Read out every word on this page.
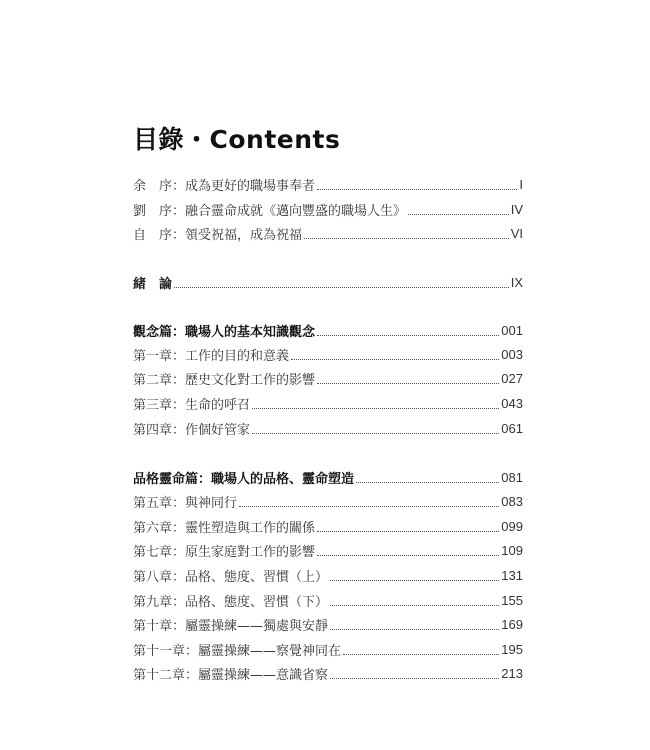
目錄・Contents
余　序：成為更好的職場事奉者	I
劉　序：融合靈命成就《邁向豐盛的職場人生》	IV
自　序：領受祝福，成為祝福	VI
緒　論	IX
觀念篇：職場人的基本知識觀念	001
第一章：工作的目的和意義	003
第二章：歷史文化對工作的影響	027
第三章：生命的呼召	043
第四章：作個好管家	061
品格靈命篇：職場人的品格、靈命塑造	081
第五章：與神同行	083
第六章：靈性塑造與工作的關係	099
第七章：原生家庭對工作的影響	109
第八章：品格、態度、習慣（上）	131
第九章：品格、態度、習慣（下）	155
第十章：屬靈操練——獨處與安靜	169
第十一章：屬靈操練——察覺神同在	195
第十二章：屬靈操練——意識省察	213
